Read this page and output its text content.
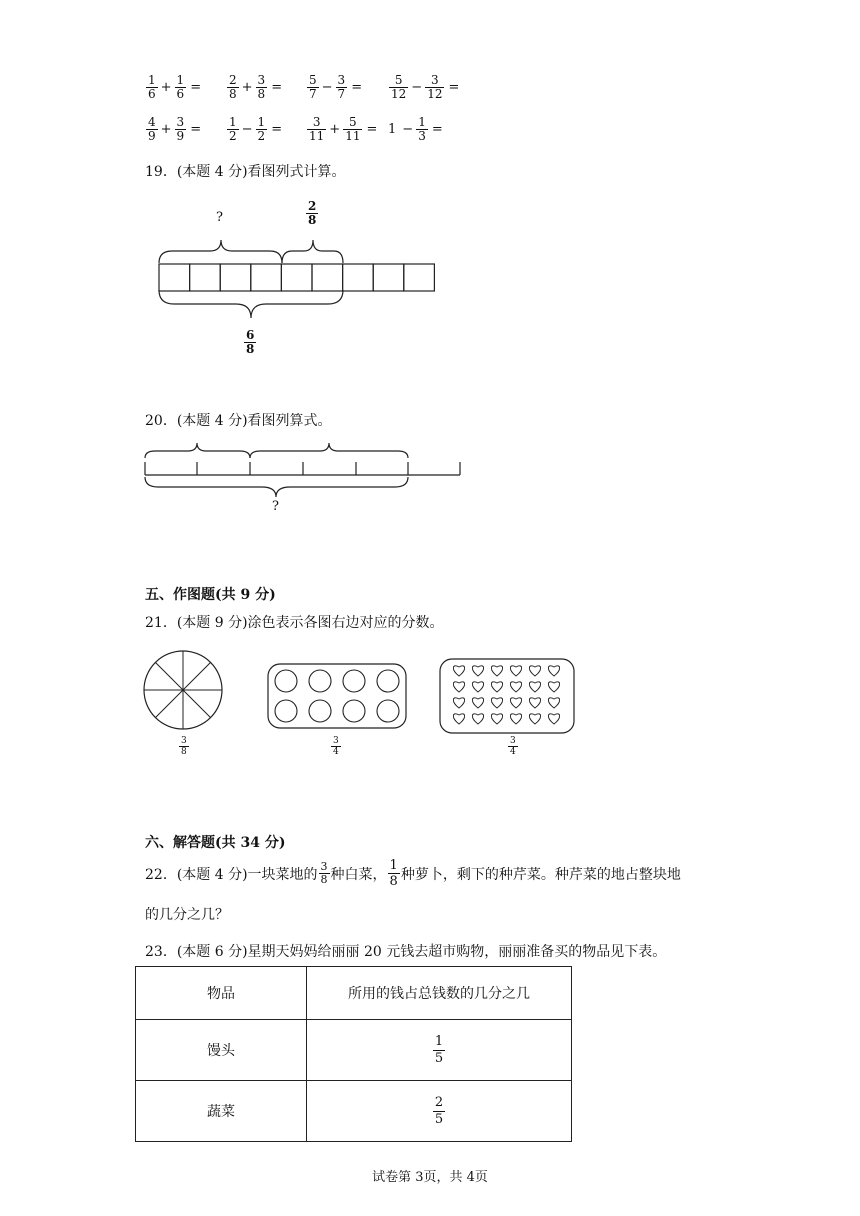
$\frac{1}{6} + \frac{1}{6} = \frac{2}{8} + \frac{3}{8} = \frac{5}{7} - \frac{3}{7} = \frac{5}{12} - \frac{3}{12}$ =
$\frac{4}{9} + \frac{3}{9} = \frac{1}{2} - \frac{1}{2} = \frac{3}{11} + \frac{5}{11} = 1 - \frac{1}{3}$ =
19．(本题 4 分)看图列式计算。
?	$\frac{2}{8}$
$\frac{6}{8}$
20．(本题 4 分)看图列算式。
?
五、作图题(共 9 分)
21．(本题 9 分)涂色表示各图右边对应的分数。
$\frac{3}{8}$	$\frac{3}{4}$	$\frac{3}{4}$
六、解答题(共 34 分)
22．(本题 4 分)一块菜地的 $\frac{3}{8}$ 种白菜， $\frac{1}{8}$ 种萝卜，剩下的种芹菜。种芹菜的地占整块地
的几分之几？
23．(本题 6 分)星期天妈妈给丽丽 20 元钱去超市购物，丽丽准备买的物品见下表。
物品	所用的钱占总钱数的几分之几
馒头	$\frac{1}{5}$

蔬菜	$\frac{2}{5}$
试卷第 3页，共 4页
